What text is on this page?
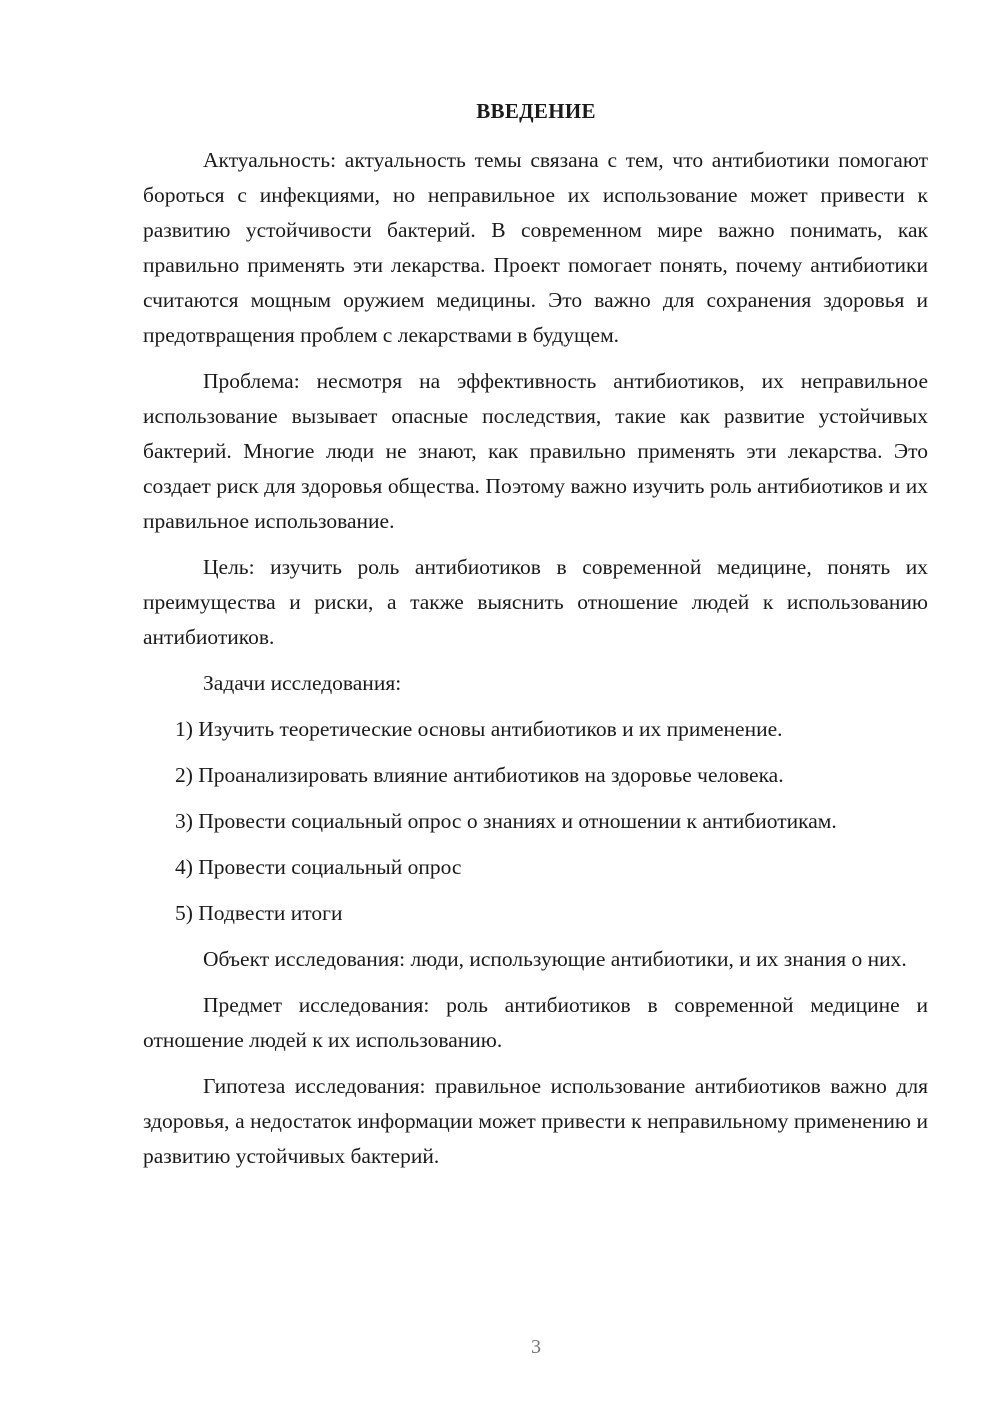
ВВЕДЕНИЕ

Актуальность: актуальность темы связана с тем, что антибиотики помогают бороться с инфекциями, но неправильное их использование может привести к развитию устойчивости бактерий. В современном мире важно понимать, как правильно применять эти лекарства. Проект помогает понять, почему антибиотики считаются мощным оружием медицины. Это важно для сохранения здоровья и предотвращения проблем с лекарствами в будущем.

Проблема: несмотря на эффективность антибиотиков, их неправильное использование вызывает опасные последствия, такие как развитие устойчивых бактерий. Многие люди не знают, как правильно применять эти лекарства. Это создает риск для здоровья общества. Поэтому важно изучить роль антибиотиков и их правильное использование.

Цель: изучить роль антибиотиков в современной медицине, понять их преимущества и риски, а также выяснить отношение людей к использованию антибиотиков.

Задачи исследования:

1) Изучить теоретические основы антибиотиков и их применение.

2) Проанализировать влияние антибиотиков на здоровье человека.

3) Провести социальный опрос о знаниях и отношении к антибиотикам.

4) Провести социальный опрос

5) Подвести итоги

Объект исследования: люди, использующие антибиотики, и их знания о них.

Предмет исследования: роль антибиотиков в современной медицине и отношение людей к их использованию.

Гипотеза исследования: правильное использование антибиотиков важно для здоровья, а недостаток информации может привести к неправильному применению и развитию устойчивых бактерий.

3
